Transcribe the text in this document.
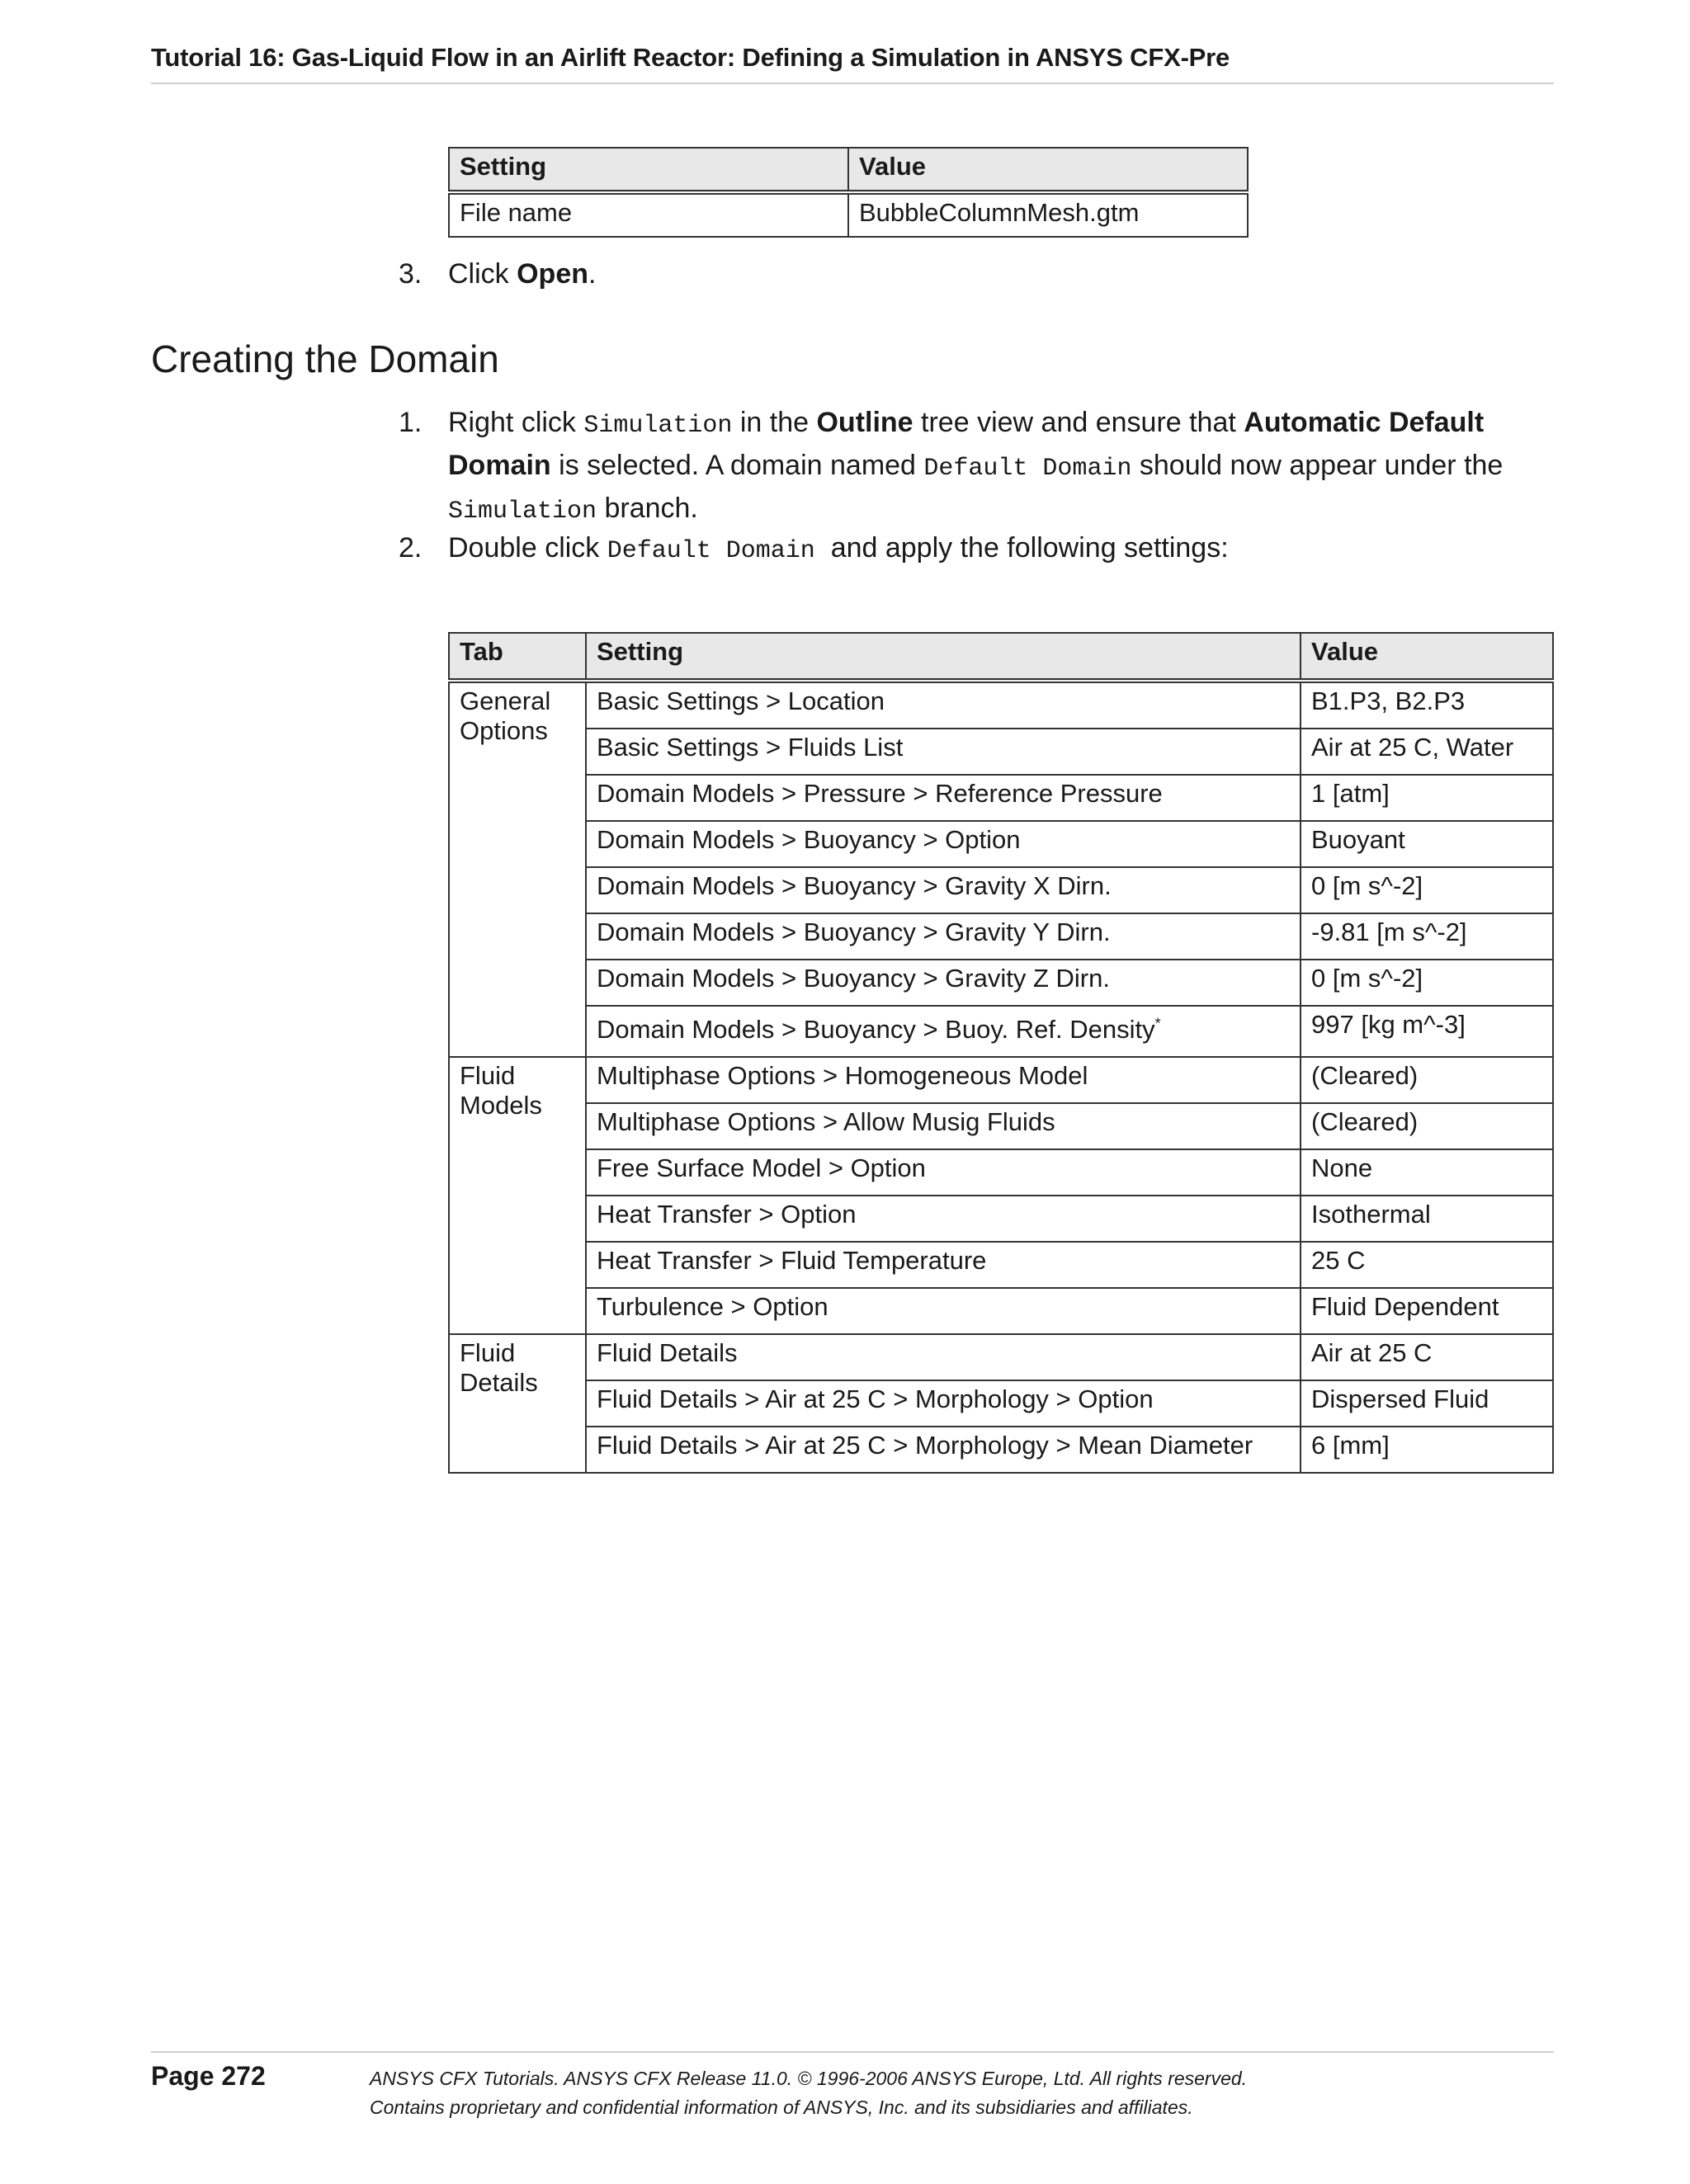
Tutorial 16: Gas-Liquid Flow in an Airlift Reactor: Defining a Simulation in ANSYS CFX-Pre
Setting	Value
File name	BubbleColumnMesh.gtm
3. Click Open.
Creating the Domain
1. Right click Simulation in the Outline tree view and ensure that Automatic Default Domain is selected. A domain named Default Domain should now appear under the Simulation branch.
2. Double click Default Domain  and apply the following settings:
Tab	Setting	Value
General Options	Basic Settings > Location	B1.P3, B2.P3
	Basic Settings > Fluids List	Air at 25 C, Water
	Domain Models > Pressure > Reference Pressure	1 [atm]
	Domain Models > Buoyancy > Option	Buoyant
	Domain Models > Buoyancy > Gravity X Dirn.	0 [m s^-2]
	Domain Models > Buoyancy > Gravity Y Dirn.	-9.81 [m s^-2]
	Domain Models > Buoyancy > Gravity Z Dirn.	0 [m s^-2]
	Domain Models > Buoyancy > Buoy. Ref. Density*	997 [kg m^-3]
Fluid Models	Multiphase Options > Homogeneous Model	(Cleared)
	Multiphase Options > Allow Musig Fluids	(Cleared)
	Free Surface Model > Option	None
	Heat Transfer > Option	Isothermal
	Heat Transfer > Fluid Temperature	25 C
	Turbulence > Option	Fluid Dependent
Fluid Details	Fluid Details	Air at 25 C
	Fluid Details > Air at 25 C > Morphology > Option	Dispersed Fluid
	Fluid Details > Air at 25 C > Morphology > Mean Diameter	6 [mm]
Page 272	ANSYS CFX Tutorials. ANSYS CFX Release 11.0. © 1996-2006 ANSYS Europe, Ltd. All rights reserved.
Contains proprietary and confidential information of ANSYS, Inc. and its subsidiaries and affiliates.
